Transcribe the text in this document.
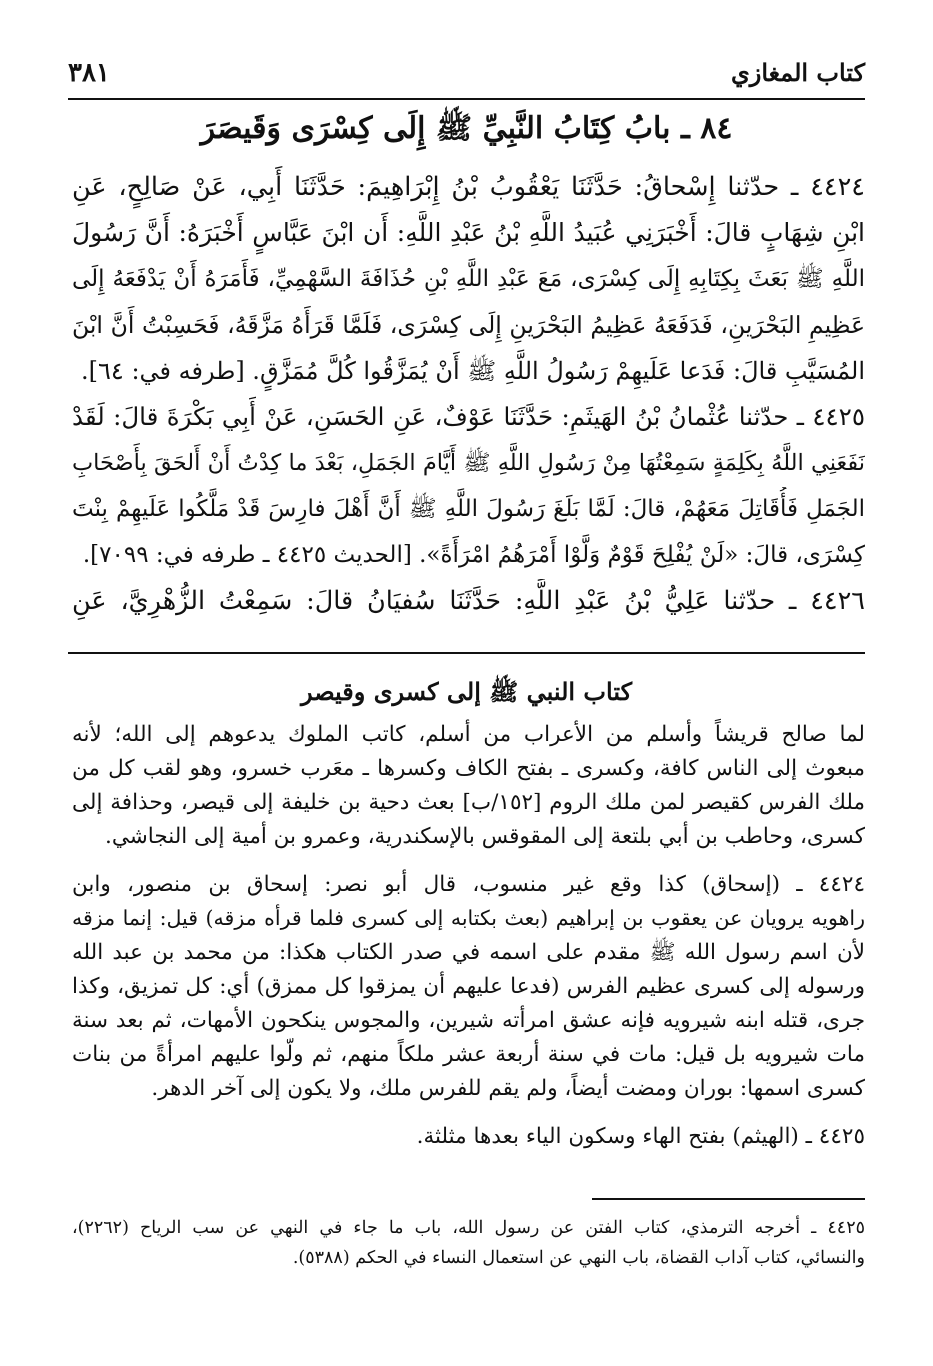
كتاب المغازي
٣٨١
٨٤ ـ بابُ كِتَابُ النَّبِيِّ ﷺ إِلَى كِسْرَى وَقَيصَرَ
٤٤٢٤ ـ حدّثنا إِسْحاقُ: حَدَّثَنَا يَعْقُوبُ بْنُ إِبْرَاهِيمَ: حَدَّثَنَا أَبِي، عَنْ صَالِحٍ، عَنِ
ابْنِ شِهَابٍ قالَ: أَخْبَرَنِي عُبَيدُ اللَّهِ بْنُ عَبْدِ اللَّهِ: أَن ابْنَ عَبَّاسٍ أَخْبَرَهُ: أَنَّ رَسُولَ
اللَّهِ ﷺ بَعَثَ بِكِتَابِهِ إِلَى كِسْرَى، مَعَ عَبْدِ اللَّهِ بْنِ حُذَافَةَ السَّهْمِيِّ، فَأَمَرَهُ أَنْ يَدْفَعَهُ إِلَى
عَظِيمِ البَحْرَينِ، فَدَفَعَهُ عَظِيمُ البَحْرَينِ إِلَى كِسْرَى، فَلَمَّا قَرَأَهُ مَزَّقَهُ، فَحَسِبْتُ أَنَّ ابْنَ
المُسَيَّبِ قالَ: فَدَعا عَلَيهِمْ رَسُولُ اللَّهِ ﷺ أَنْ يُمَزَّقُوا كُلَّ مُمَزَّقٍ. [طرفه في: ٦٤].
٤٤٢٥ ـ حدّثنا عُثْمانُ بْنُ الهَيثَمِ: حَدَّثَنَا عَوْفٌ، عَنِ الحَسَنِ، عَنْ أَبِي بَكْرَةَ قالَ: لَقَدْ
نَفَعَنِي اللَّهُ بِكَلِمَةٍ سَمِعْتُهَا مِنْ رَسُولِ اللَّهِ ﷺ أَيَّامَ الجَمَلِ، بَعْدَ ما كِدْتُ أَنْ أَلحَقَ بِأَصْحَابِ
الجَمَلِ فَأُقَاتِلَ مَعَهُمْ، قالَ: لَمَّا بَلَغَ رَسُولَ اللَّهِ ﷺ أَنَّ أَهْلَ فارِسَ قَدْ مَلَّكُوا عَلَيهِمْ بِنْتَ
كِسْرَى، قالَ: «لَنْ يُفْلِحَ قَوْمٌ وَلَّوْا أَمْرَهُمُ امْرَأَةً». [الحديث ٤٤٢٥ ـ طرفه في: ٧٠٩٩].
٤٤٢٦ ـ حدّثنا عَلِيُّ بْنُ عَبْدِ اللَّهِ: حَدَّثَنَا سُفيَانُ قالَ: سَمِعْتُ الزُّهْرِيَّ، عَنِ
كتاب النبي ﷺ إلى كسرى وقيصر
لما صالح قريشاً وأسلم من الأعراب من أسلم، كاتب الملوك يدعوهم إلى الله؛ لأنه
مبعوث إلى الناس كافة، وكسرى ـ بفتح الكاف وكسرها ـ معَرب خسرو، وهو لقب كل من
ملك الفرس كقيصر لمن ملك الروم [١٥٢/ب] بعث دحية بن خليفة إلى قيصر، وحذافة إلى
كسرى، وحاطب بن أبي بلتعة إلى المقوقس بالإسكندرية، وعمرو بن أمية إلى النجاشي.
٤٤٢٤ ـ (إسحاق) كذا وقع غير منسوب، قال أبو نصر: إسحاق بن منصور، وابن
راهويه يرويان عن يعقوب بن إبراهيم (بعث بكتابه إلى كسرى فلما قرأه مزقه) قيل: إنما مزقه
لأن اسم رسول الله ﷺ مقدم على اسمه في صدر الكتاب هكذا: من محمد بن عبد الله
ورسوله إلى كسرى عظيم الفرس (فدعا عليهم أن يمزقوا كل ممزق) أي: كل تمزيق، وكذا
جرى، قتله ابنه شيرويه فإنه عشق امرأته شيرين، والمجوس ينكحون الأمهات، ثم بعد سنة
مات شيرويه بل قيل: مات في سنة أربعة عشر ملكاً منهم، ثم ولُّوا عليهم امرأةً من بنات
كسرى اسمها: بوران ومضت أيضاً، ولم يقم للفرس ملك، ولا يكون إلى آخر الدهر.
٤٤٢٥ ـ (الهيثم) بفتح الهاء وسكون الياء بعدها مثلثة.
٤٤٢٥ ـ أخرجه الترمذي، كتاب الفتن عن رسول الله، باب ما جاء في النهي عن سب الرياح (٢٢٦٢)،
والنسائي، كتاب آداب القضاة، باب النهي عن استعمال النساء في الحكم (٥٣٨٨).
